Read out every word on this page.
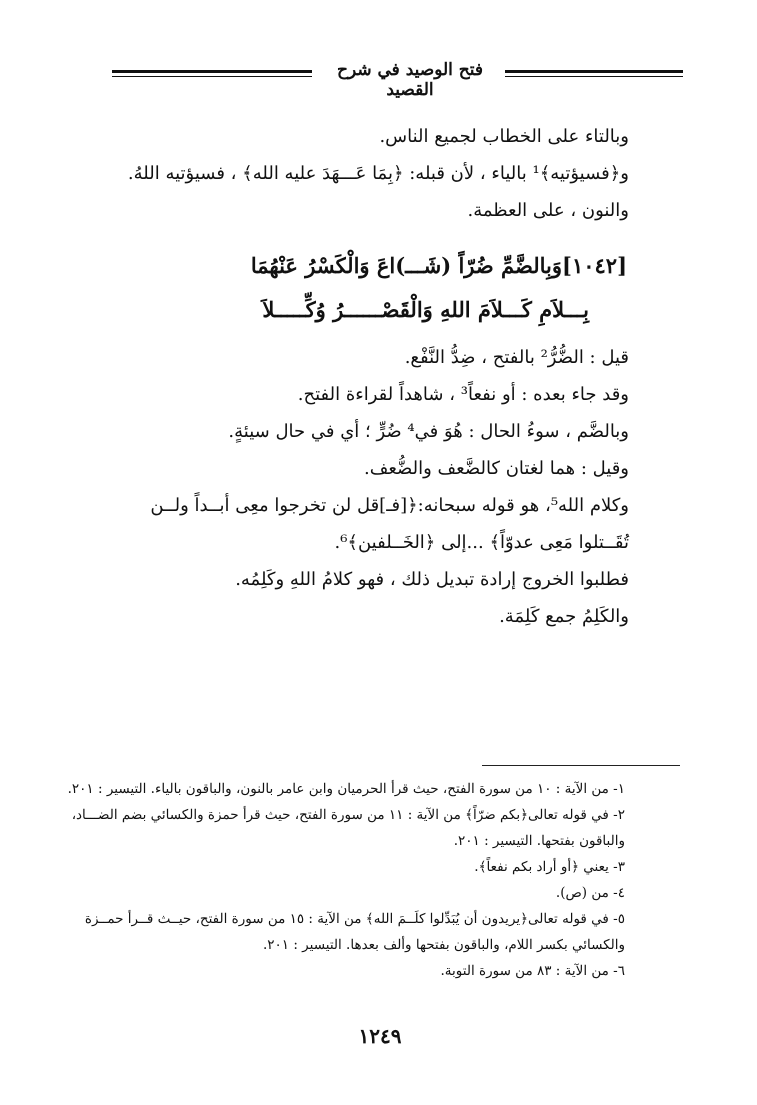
فتح الوصيد في شرح القصيد
وبالتاء على الخطاب لجميع الناس.
و﴿فسيؤتيه﴾¹ بالياء ، لأن قبله: ﴿بِمَا عَـــهَدَ عليه الله﴾ ، فسيؤتيه اللهُ.
والنون ، على العظمة.
[١٠٤٢]وَبِالضَّمِّ ضُرّاً (شَـــ)اعَ وَالْكَسْرُ عَنْهُمَا
بِـــلاَمِ كَـــلاَمَ اللهِ وَالْقَصْــــــرُ وُكِّـــــلاَ
قيل : الضُّرُّ² بالفتح ، ضِدُّ النَّفْع.
وقد جاء بعده : أو نفعاً³ ، شاهداً لقراءة الفتح.
وبالضَّم ، سوءُ الحال : هُوَ في⁴ ضُرٍّ ؛ أي في حال سيئةٍ.
وقيل : هما لغتان كالضَّعف والضُّعف.
وكلام الله⁵، هو قوله سبحانه:﴿[فـ]قل لن تخرجوا معِى أبــداً ولــن
تُقَــتلوا مَعِى عدوّاً﴾ ...إلى ﴿الخَــلفين﴾⁶.
فطلبوا الخروج إرادة تبديل ذلك ، فهو كلامُ اللهِ وكَلِمُه.
والكَلِمُ جمع كَلِمَة.
١- من الآية : ١٠ من سورة الفتح، حيث قرأ الحرميان وابن عامر بالنون، والباقون بالياء. التيسير : ٢٠١.
٢- في قوله تعالى﴿بكم ضرّاً﴾ من الآية : ١١ من سورة الفتح، حيث قرأ حمزة والكسائي بضم الضـــاد،
والباقون بفتحها. التيسير : ٢٠١.
٣- يعني ﴿أو أراد بكم نفعاً﴾.
٤- من (ص).
٥- في قوله تعالى﴿يريدون أن يُبَدِّلوا كلَــمَ الله﴾ من الآية : ١٥ من سورة الفتح، حيــث قــرأ حمــزة
والكسائي بكسر اللام، والباقون بفتحها وألف بعدها. التيسير : ٢٠١.
٦- من الآية : ٨٣ من سورة التوبة.
١٢٤٩
